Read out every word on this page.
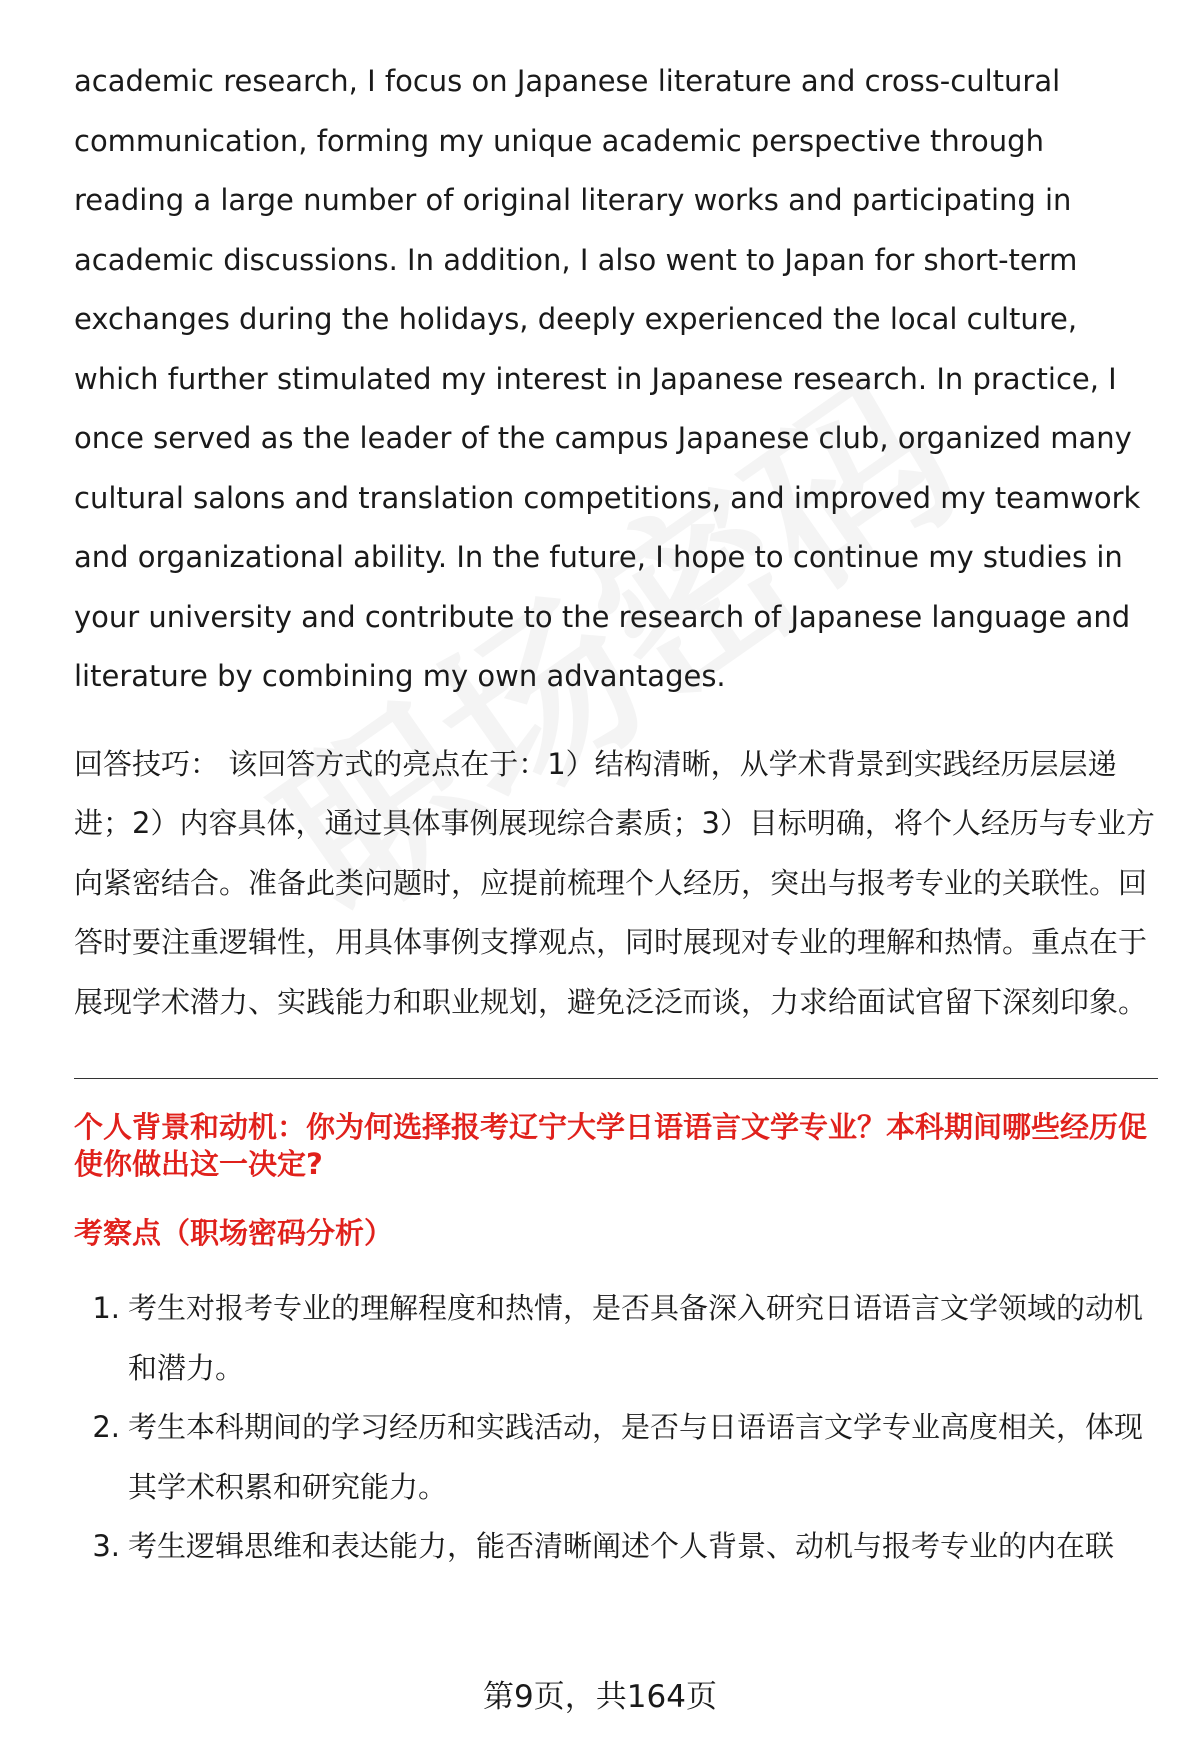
academic research, I focus on Japanese literature and cross-cultural communication, forming my unique academic perspective through reading a large number of original literary works and participating in academic discussions. In addition, I also went to Japan for short-term exchanges during the holidays, deeply experienced the local culture, which further stimulated my interest in Japanese research. In practice, I once served as the leader of the campus Japanese club, organized many cultural salons and translation competitions, and improved my teamwork and organizational ability. In the future, I hope to continue my studies in your university and contribute to the research of Japanese language and literature by combining my own advantages.

回答技巧： 该回答方式的亮点在于：1）结构清晰，从学术背景到实践经历层层递进；2）内容具体，通过具体事例展现综合素质；3）目标明确，将个人经历与专业方向紧密结合。准备此类问题时，应提前梳理个人经历，突出与报考专业的关联性。回答时要注重逻辑性，用具体事例支撑观点，同时展现对专业的理解和热情。重点在于展现学术潜力、实践能力和职业规划，避免泛泛而谈，力求给面试官留下深刻印象。

个人背景和动机：你为何选择报考辽宁大学日语语言文学专业？本科期间哪些经历促使你做出这一决定?
考察点（职场密码分析）
1. 考生对报考专业的理解程度和热情，是否具备深入研究日语语言文学领域的动机和潜力。
2. 考生本科期间的学习经历和实践活动，是否与日语语言文学专业高度相关，体现其学术积累和研究能力。
3. 考生逻辑思维和表达能力，能否清晰阐述个人背景、动机与报考专业的内在联
第9页，共164页
